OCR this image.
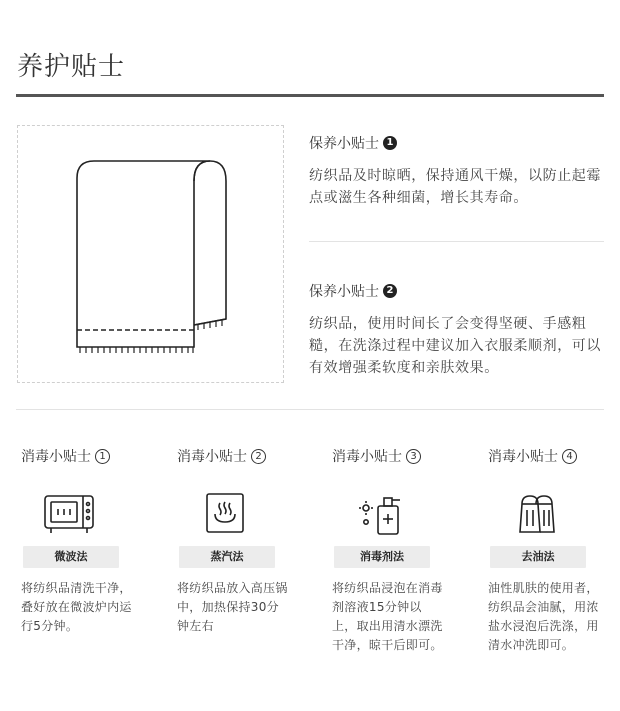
养护贴士
保养小贴士 1
纺织品及时晾晒，保持通风干燥，以防止起霉点或滋生各种细菌，增长其寿命。
保养小贴士 2
纺织品，使用时间长了会变得坚硬、手感粗糙，在洗涤过程中建议加入衣服柔顺剂，可以有效增强柔软度和亲肤效果。
消毒小贴士 1
微波法
将纺织品清洗干净，叠好放在微波炉内运行5分钟。
消毒小贴士 2
蒸汽法
将纺织品放入高压锅中，加热保持30分钟左右
消毒小贴士 3
消毒剂法
将纺织品浸泡在消毒剂溶液15分钟以上，取出用清水漂洗干净，晾干后即可。
消毒小贴士 4
去油法
油性肌肤的使用者，纺织品会油腻，用浓盐水浸泡后洗涤，用清水冲洗即可。
